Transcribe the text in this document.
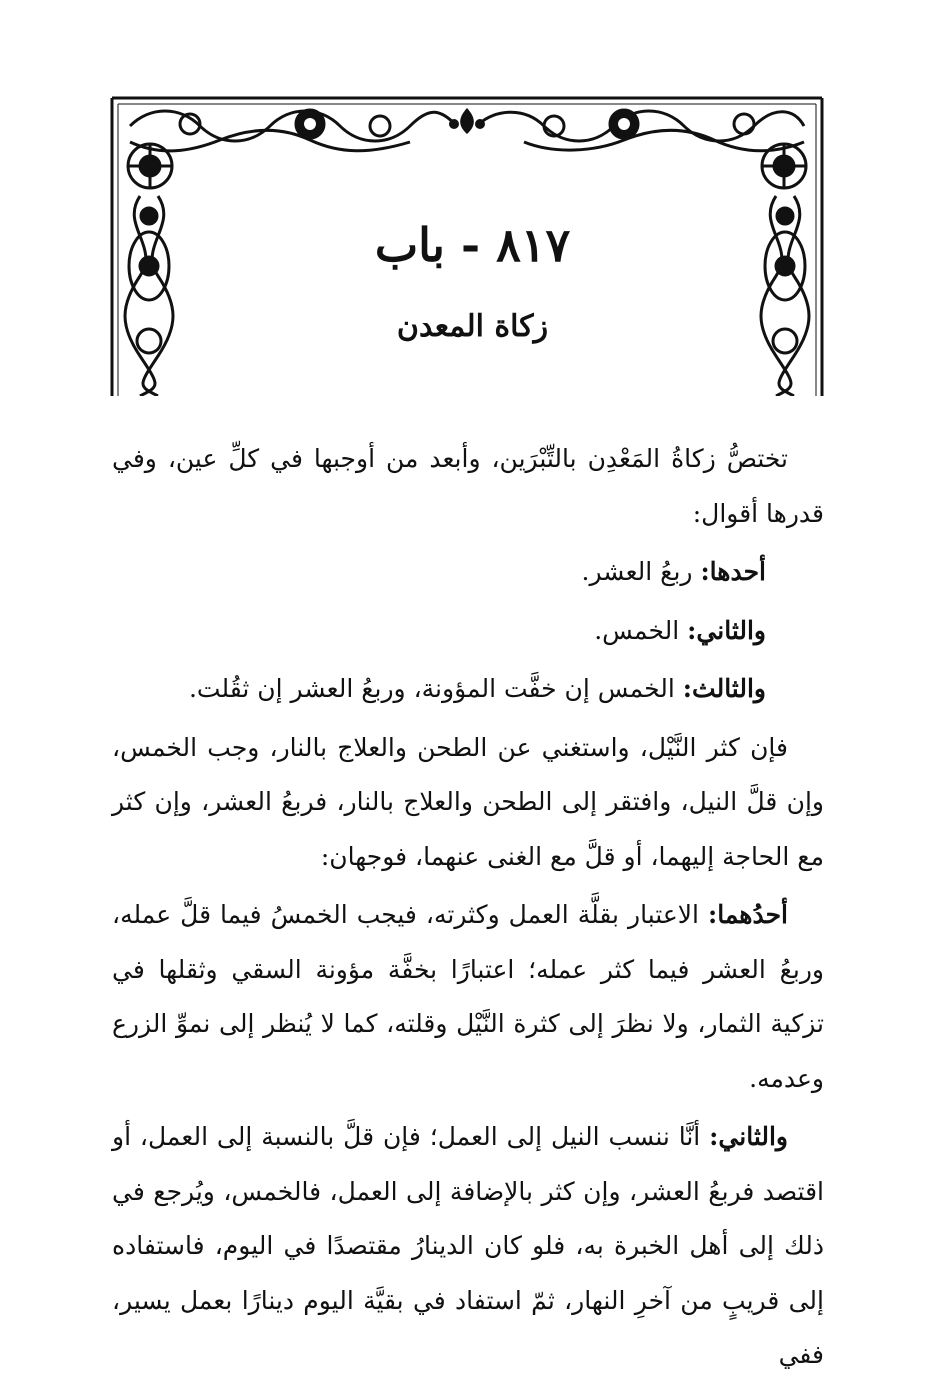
٨١٧ - باب
زكاة المعدن

تختصُّ زكاةُ المَعْدِن بالتِّبْرَين، وأبعد من أوجبها في كلِّ عين، وفي قدرها أقوال:

أحدها: ربعُ العشر.

والثاني: الخمس.

والثالث: الخمس إن خفَّت المؤونة، وربعُ العشر إن ثقُلت.

فإن كثر النَّيْل، واستغني عن الطحن والعلاج بالنار، وجب الخمس، وإن قلَّ النيل، وافتقر إلى الطحن والعلاج بالنار، فربعُ العشر، وإن كثر مع الحاجة إليهما، أو قلَّ مع الغنى عنهما، فوجهان:

أحدُهما: الاعتبار بقلَّة العمل وكثرته، فيجب الخمسُ فيما قلَّ عمله، وربعُ العشر فيما كثر عمله؛ اعتبارًا بخفَّة مؤونة السقي وثقلها في تزكية الثمار، ولا نظرَ إلى كثرة النَّيْل وقلته، كما لا يُنظر إلى نموِّ الزرع وعدمه.

والثاني: أنَّا ننسب النيل إلى العمل؛ فإن قلَّ بالنسبة إلى العمل، أو اقتصد فربعُ العشر، وإن كثر بالإضافة إلى العمل، فالخمس، ويُرجع في ذلك إلى أهل الخبرة به، فلو كان الدينارُ مقتصدًا في اليوم، فاستفاده إلى قريبٍ من آخرِ النهار، ثمّ استفاد في بقيَّة اليوم دينارًا بعمل يسير، ففي
